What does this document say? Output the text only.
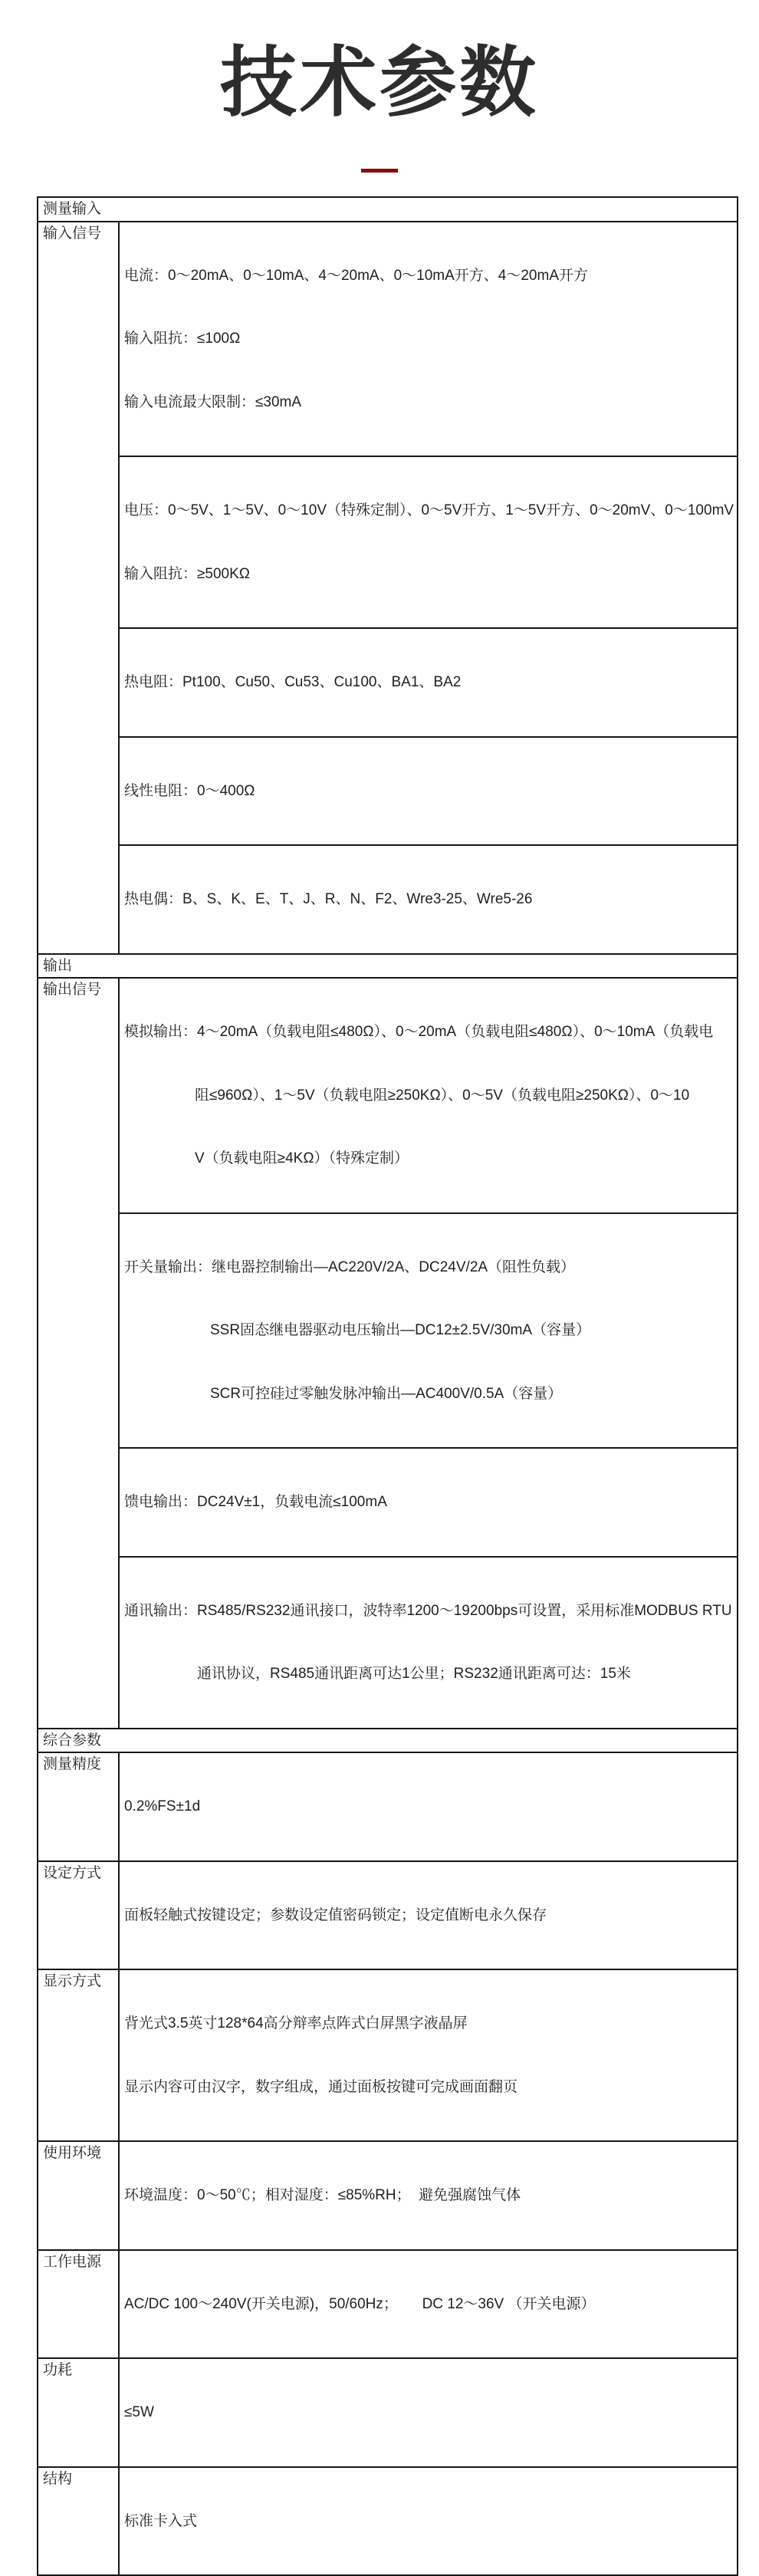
技术参数
测量输入	
输入信号	电流：0～20mA、0～10mA、4～20mA、0～10mA开方、4～20mA开方

输入阻抗：≤100Ω

输入电流最大限制：≤30mA

	电压：0～5V、1～5V、0～10V（特殊定制）、0～5V开方、1～5V开方、0～20mV、0～100mV

输入阻抗：≥500KΩ

	热电阻：Pt100、Cu50、Cu53、Cu100、BA1、BA2

	线性电阻：0～400Ω

	热电偶：B、S、K、E、T、J、R、N、F2、Wre3-25、Wre5-26

输出	
输出信号	模拟输出：4～20mA（负载电阻≤480Ω）、0～20mA（负载电阻≤480Ω）、0～10mA（负载电

阻≤960Ω）、1～5V（负载电阻≥250KΩ）、0～5V（负载电阻≥250KΩ）、0～10

V（负载电阻≥4KΩ）（特殊定制）

	开关量输出：继电器控制输出—AC220V/2A、DC24V/2A（阻性负载）

SSR固态继电器驱动电压输出—DC12±2.5V/30mA（容量）

SCR可控硅过零触发脉冲输出—AC400V/0.5A（容量）

	馈电输出：DC24V±1，负载电流≤100mA

	通讯输出：RS485/RS232通讯接口，波特率1200～19200bps可设置，采用标准MODBUS RTU

通讯协议，RS485通讯距离可达1公里；RS232通讯距离可达：15米

综合参数	
测量精度	0.2%FS±1d

设定方式	面板轻触式按键设定；参数设定值密码锁定；设定值断电永久保存

显示方式	背光式3.5英寸128*64高分辩率点阵式白屏黑字液晶屏

显示内容可由汉字，数字组成，通过面板按键可完成画面翻页

使用环境	环境温度：0～50℃；相对湿度：≤85%RH；  避免强腐蚀气体

工作电源	AC/DC 100～240V(开关电源)，50/60Hz；      DC 12～36V （开关电源）

功耗	≤5W

结构	标准卡入式
